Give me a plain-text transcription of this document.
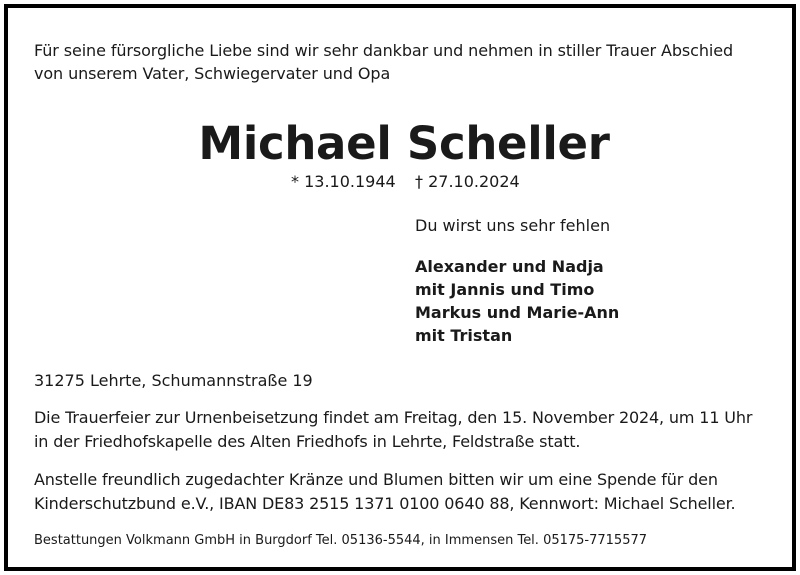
Für seine fürsorgliche Liebe sind wir sehr dankbar und nehmen in stiller Trauer Abschied
von unserem Vater, Schwiegervater und Opa
Michael Scheller
* 13.10.1944 † 27.10.2024
Du wirst uns sehr fehlen
Alexander und Nadja
mit Jannis und Timo
Markus und Marie-Ann
mit Tristan
31275 Lehrte, Schumannstraße 19
Die Trauerfeier zur Urnenbeisetzung findet am Freitag, den 15. November 2024, um 11 Uhr
in der Friedhofskapelle des Alten Friedhofs in Lehrte, Feldstraße statt.
Anstelle freundlich zugedachter Kränze und Blumen bitten wir um eine Spende für den
Kinderschutzbund e.V., IBAN DE83 2515 1371 0100 0640 88, Kennwort: Michael Scheller.
Bestattungen Volkmann GmbH in Burgdorf Tel. 05136-5544, in Immensen Tel. 05175-7715577
